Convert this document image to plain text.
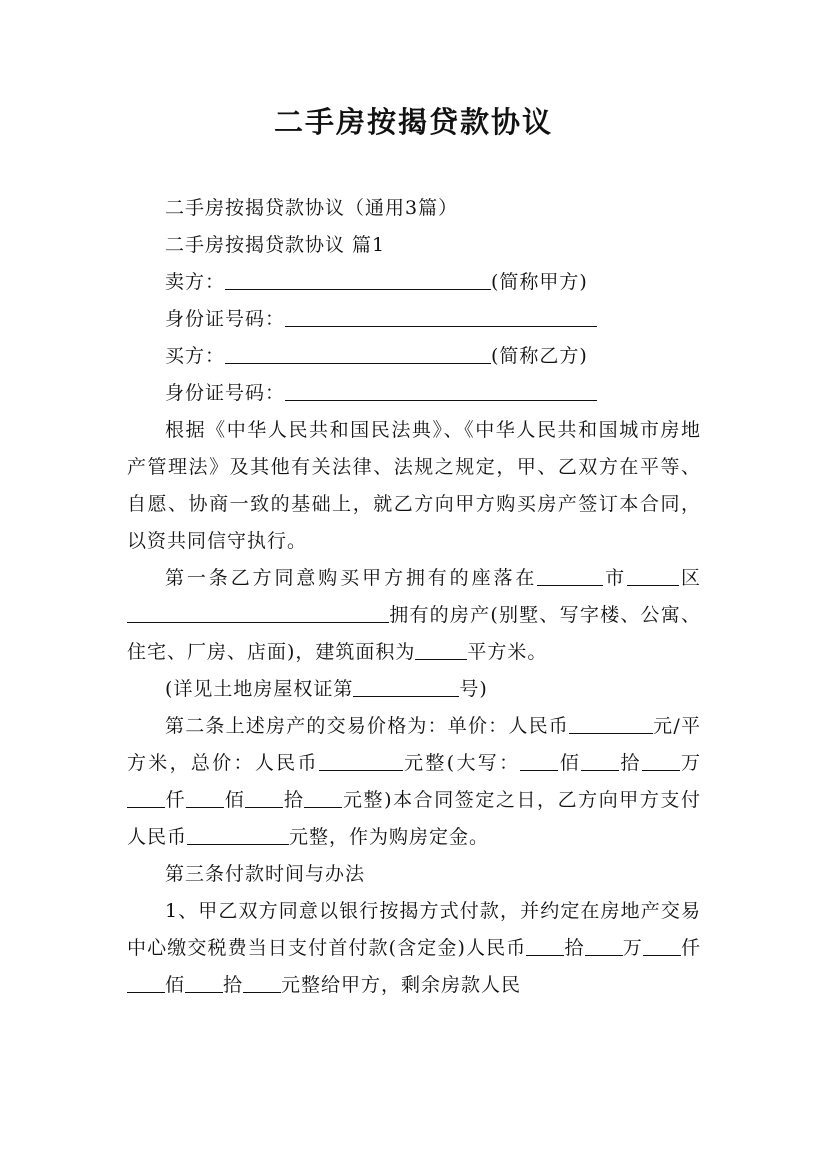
二手房按揭贷款协议

二手房按揭贷款协议（通用3篇）

二手房按揭贷款协议 篇1

卖方：	(简称甲方)

身份证号码：

买方：	(简称乙方)

身份证号码：

根据《中华人民共和国民法典》、《中华人民共和国城市房地产管理法》及其他有关法律、法规之规定，甲、乙双方在平等、自愿、协商一致的基础上，就乙方向甲方购买房产签订本合同，以资共同信守执行。

第一条乙方同意购买甲方拥有的座落在	市	区拥有的房产(别墅、写字楼、公寓、住宅、厂房、店面)，建筑面积为	平方米。

(详见土地房屋权证第	号)

第二条上述房产的交易价格为：单价：人民币	元/平方米，总价：人民币	元整(大写： 佰 拾 万仟 佰 拾 元整)本合同签定之日，乙方向甲方支付人民币	元整，作为购房定金。

第三条付款时间与办法

1、甲乙双方同意以银行按揭方式付款，并约定在房地产交易中心缴交税费当日支付首付款(含定金)人民币 拾 万 仟佰 拾 元整给甲方，剩余房款人民
